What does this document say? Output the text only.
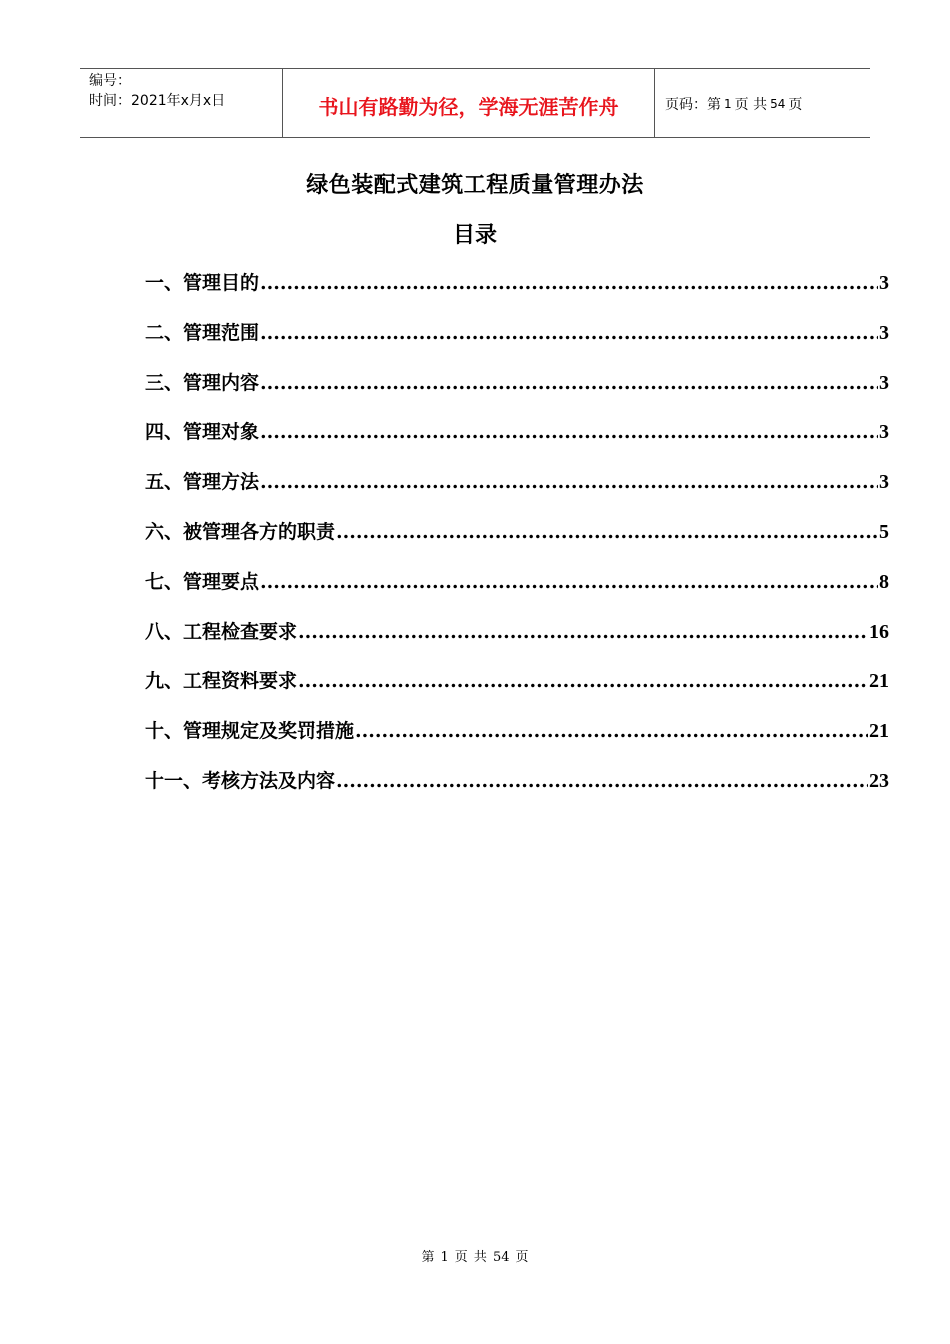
编号：
时间：2021年x月x日	书山有路勤为径，学海无涯苦作舟	页码：第 1 页 共 54 页
绿色装配式建筑工程质量管理办法
目录
一、管理目的 .....	3
二、管理范围 .....	3
三、管理内容 .....	3
四、管理对象 .....	3
五、管理方法 .....	3
六、被管理各方的职责 .....	5
七、管理要点 .....	8
八、工程检查要求 .....	16
九、工程资料要求 .....	21
十、管理规定及奖罚措施 .....	21
十一、考核方法及内容 .....	23
第 1 页 共 54 页
